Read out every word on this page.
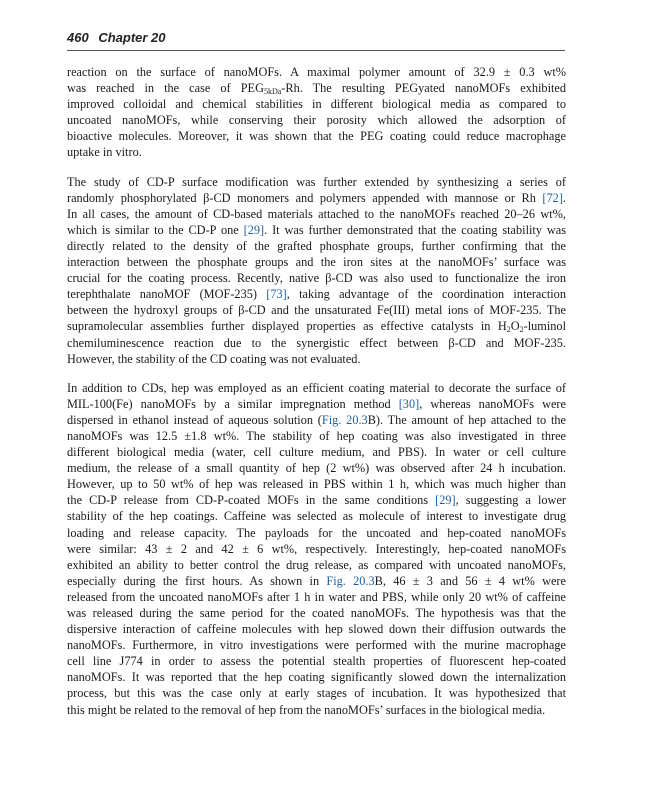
460 Chapter 20

reaction on the surface of nanoMOFs. A maximal polymer amount of 32.9 ± 0.3 wt%
was reached in the case of $PEG_{5kDa}-Rh$. The resulting PEGyated nanoMOFs exhibited
improved colloidal and chemical stabilities in different biological media as compared to
uncoated nanoMOFs, while conserving their porosity which allowed the adsorption of
bioactive molecules. Moreover, it was shown that the PEG coating could reduce macrophage
uptake in vitro.

The study of CD-P surface modification was further extended by synthesizing a series of
randomly phosphorylated β-CD monomers and polymers appended with mannose or Rh [72].
In all cases, the amount of CD-based materials attached to the nanoMOFs reached 20–26 wt%,
which is similar to the CD-P one [29]. It was further demonstrated that the coating stability was
directly related to the density of the grafted phosphate groups, further confirming that the
interaction between the phosphate groups and the iron sites at the nanoMOFs’ surface was
crucial for the coating process. Recently, native β-CD was also used to functionalize the iron
terephthalate nanoMOF (MOF-235) [73], taking advantage of the coordination interaction
between the hydroxyl groups of β-CD and the unsaturated Fe(III) metal ions of MOF-235. The
supramolecular assemblies further displayed properties as effective catalysts in $H_2O_2$-luminol
chemiluminescence reaction due to the synergistic effect between β-CD and MOF-235.
However, the stability of the CD coating was not evaluated.

In addition to CDs, hep was employed as an efficient coating material to decorate the surface of
MIL-100(Fe) nanoMOFs by a similar impregnation method [30], whereas nanoMOFs were
dispersed in ethanol instead of aqueous solution (Fig. 20.3B). The amount of hep attached to the
nanoMOFs was 12.5 ±1.8 wt%. The stability of hep coating was also investigated in three
different biological media (water, cell culture medium, and PBS). In water or cell culture
medium, the release of a small quantity of hep (2 wt%) was observed after 24 h incubation.
However, up to 50 wt% of hep was released in PBS within 1 h, which was much higher than
the CD-P release from CD-P-coated MOFs in the same conditions [29], suggesting a lower
stability of the hep coatings. Caffeine was selected as molecule of interest to investigate drug
loading and release capacity. The payloads for the uncoated and hep-coated nanoMOFs
were similar: 43 ± 2 and 42 ± 6 wt%, respectively. Interestingly, hep-coated nanoMOFs
exhibited an ability to better control the drug release, as compared with uncoated nanoMOFs,
especially during the first hours. As shown in Fig. 20.3B, 46 ± 3 and 56 ± 4 wt% were
released from the uncoated nanoMOFs after 1 h in water and PBS, while only 20 wt% of caffeine
was released during the same period for the coated nanoMOFs. The hypothesis was that the
dispersive interaction of caffeine molecules with hep slowed down their diffusion outwards the
nanoMOFs. Furthermore, in vitro investigations were performed with the murine macrophage
cell line J774 in order to assess the potential stealth properties of fluorescent hep-coated
nanoMOFs. It was reported that the hep coating significantly slowed down the internalization
process, but this was the case only at early stages of incubation. It was hypothesized that
this might be related to the removal of hep from the nanoMOFs’ surfaces in the biological media.
